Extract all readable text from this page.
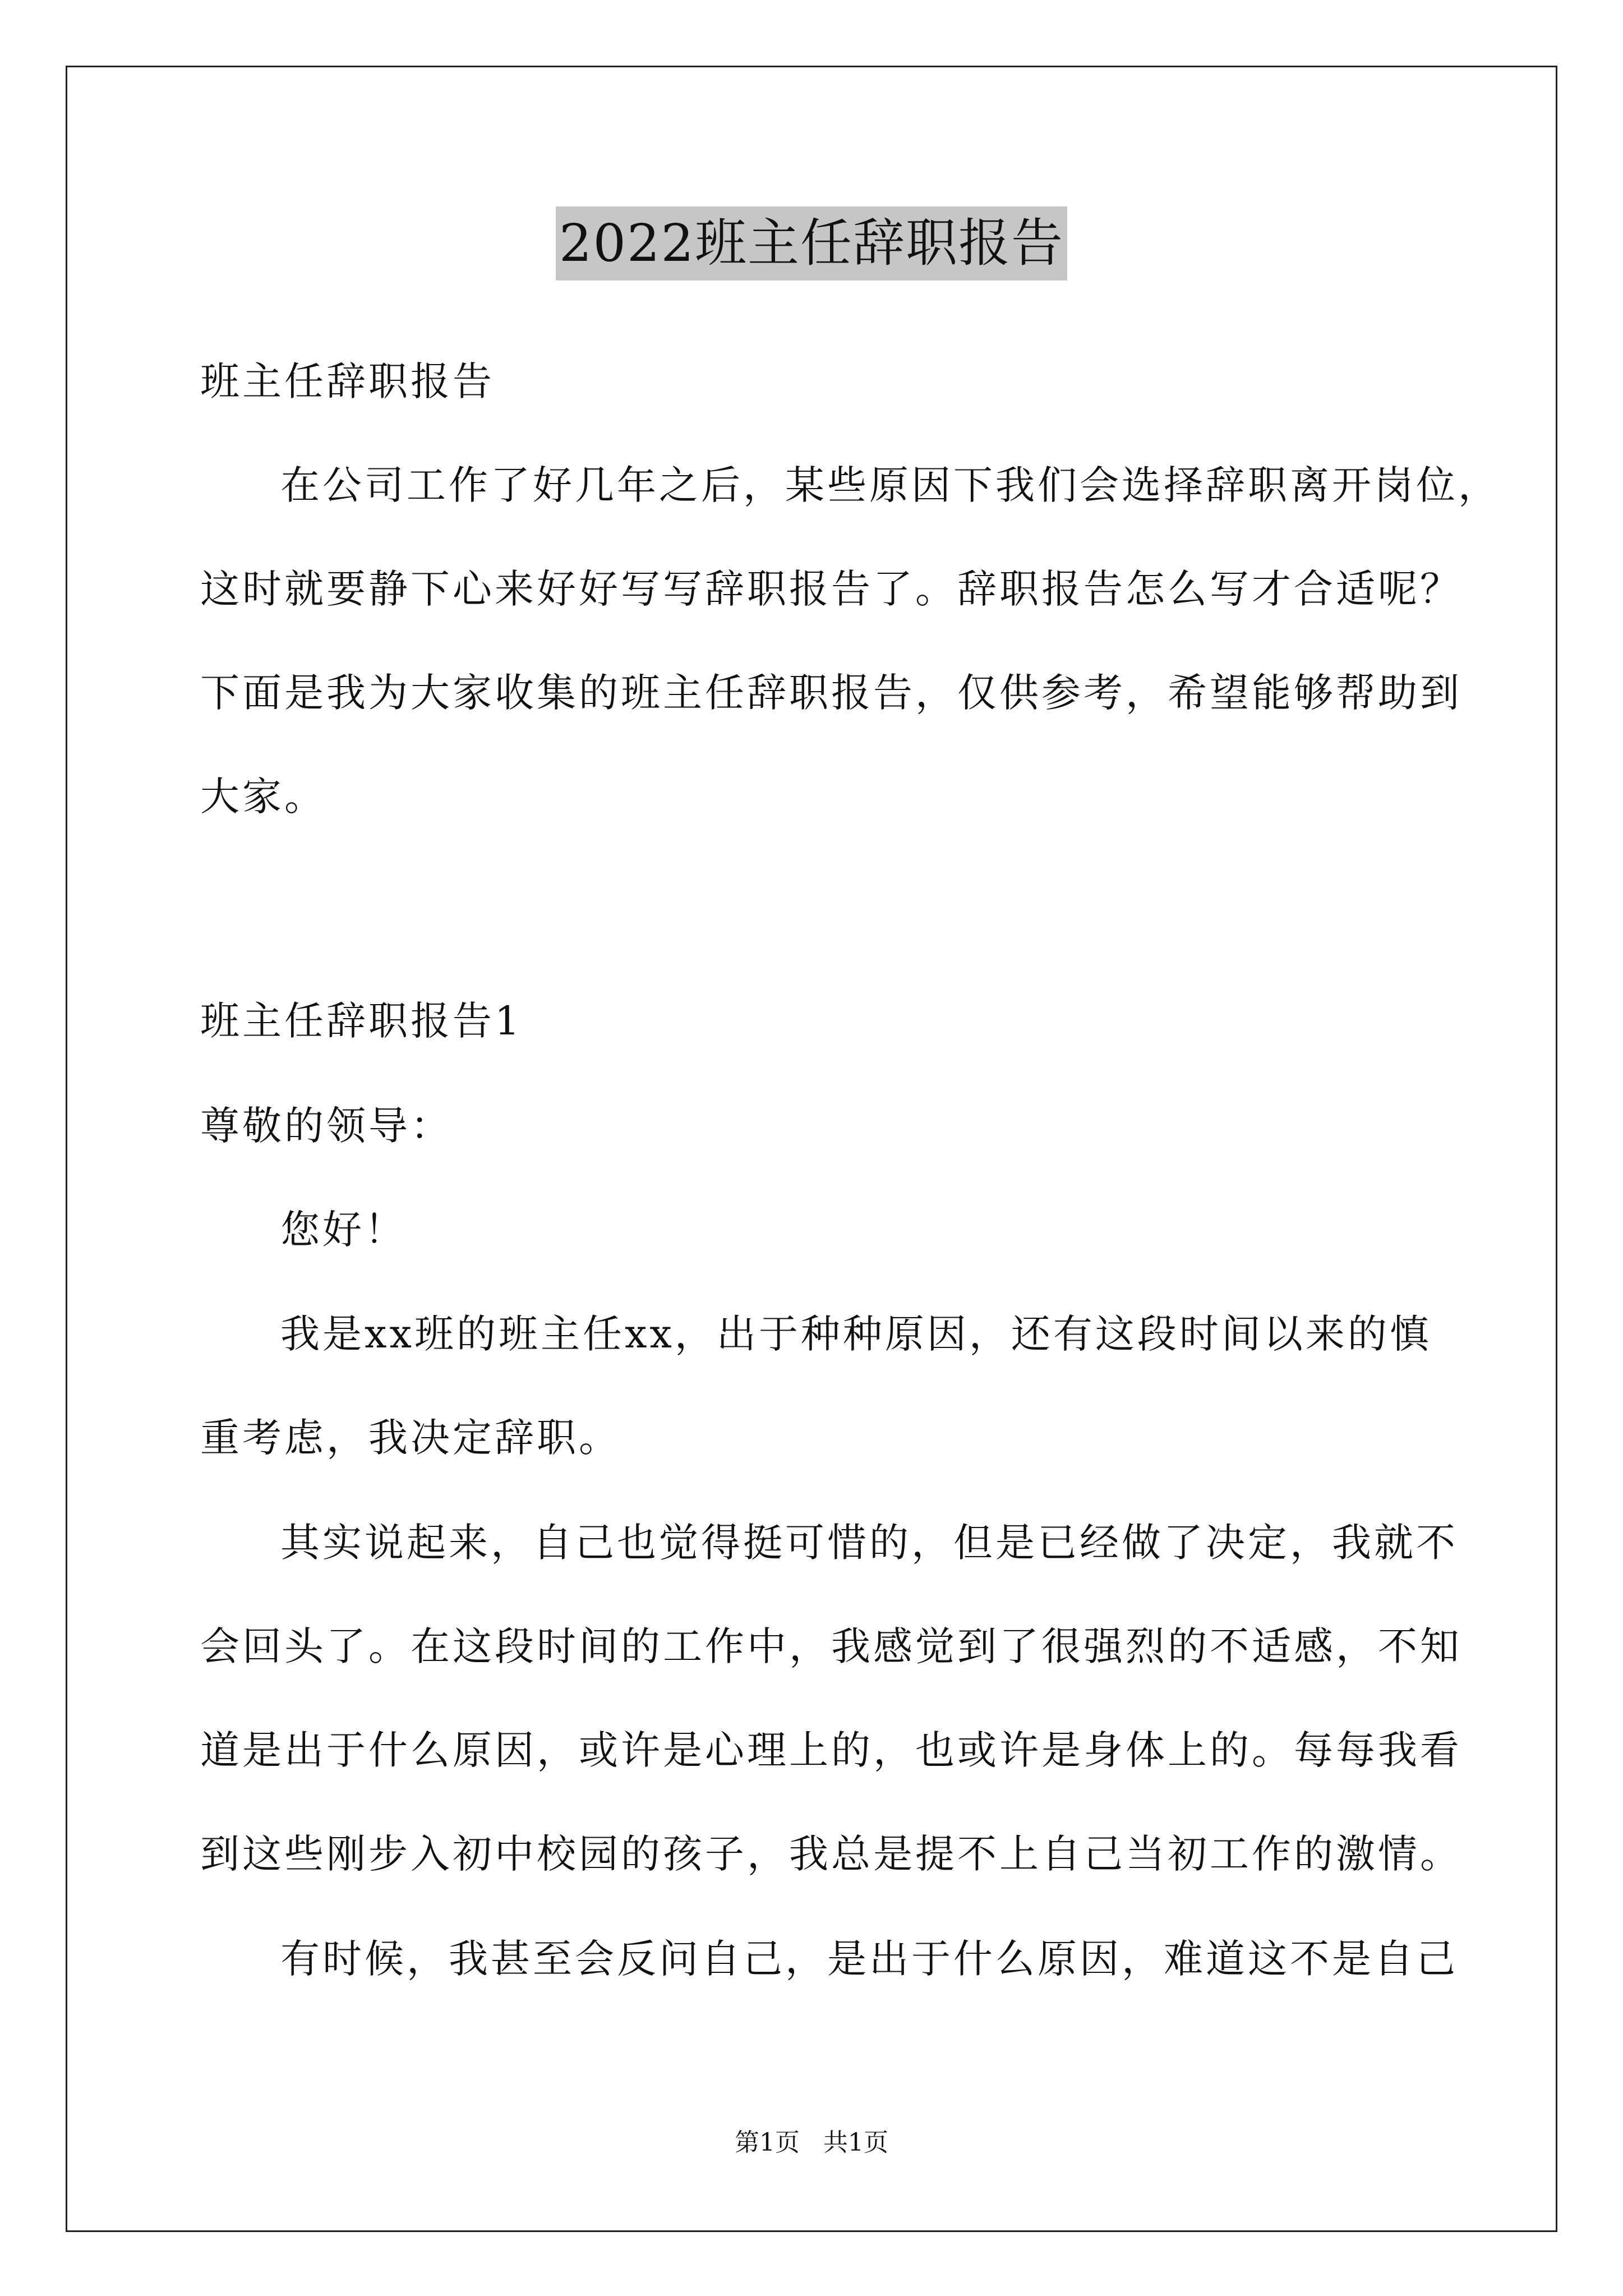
2022班主任辞职报告
班主任辞职报告
在公司工作了好几年之后，某些原因下我们会选择辞职离开岗位，
这时就要静下心来好好写写辞职报告了。辞职报告怎么写才合适呢？
下面是我为大家收集的班主任辞职报告，仅供参考，希望能够帮助到
大家。
班主任辞职报告1
尊敬的领导：
您好！
我是xx班的班主任xx，出于种种原因，还有这段时间以来的慎
重考虑，我决定辞职。
其实说起来，自己也觉得挺可惜的，但是已经做了决定，我就不
会回头了。在这段时间的工作中，我感觉到了很强烈的不适感，不知
道是出于什么原因，或许是心理上的，也或许是身体上的。每每我看
到这些刚步入初中校园的孩子，我总是提不上自己当初工作的激情。
有时候，我甚至会反问自己，是出于什么原因，难道这不是自己
第1页   共1页
